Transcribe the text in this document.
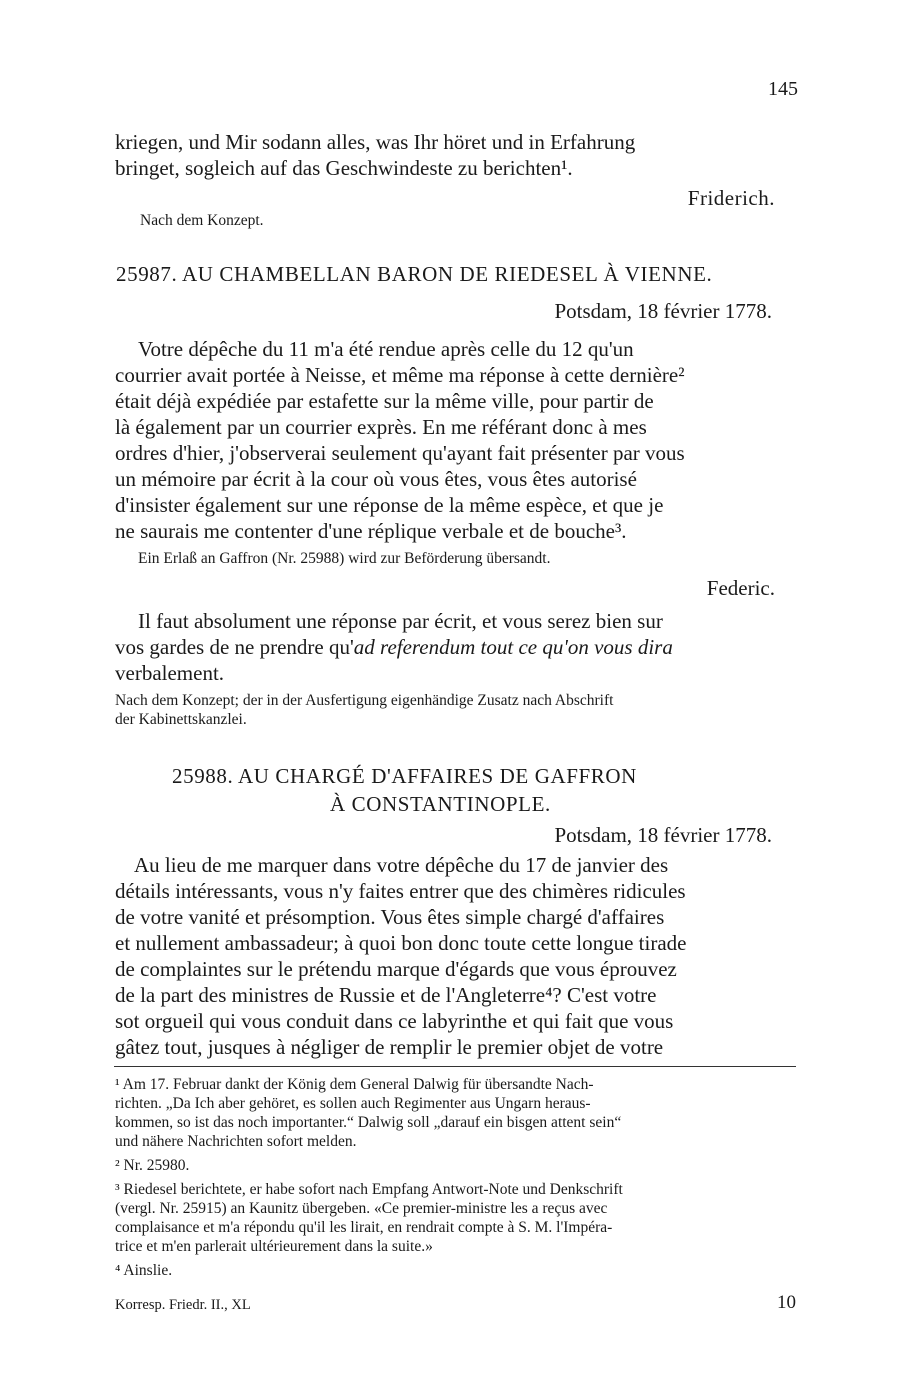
145
kriegen, und Mir sodann alles, was Ihr höret und in Erfahrung
bringet, sogleich auf das Geschwindeste zu berichten¹.
Friderich.
Nach dem Konzept.
25987. AU CHAMBELLAN BARON DE RIEDESEL À VIENNE.
Potsdam, 18 février 1778.
Votre dépêche du 11 m'a été rendue après celle du 12 qu'un
courrier avait portée à Neisse, et même ma réponse à cette dernière²
était déjà expédiée par estafette sur la même ville, pour partir de
là également par un courrier exprès. En me référant donc à mes
ordres d'hier, j'observerai seulement qu'ayant fait présenter par vous
un mémoire par écrit à la cour où vous êtes, vous êtes autorisé
d'insister également sur une réponse de la même espèce, et que je
ne saurais me contenter d'une réplique verbale et de bouche³.
Ein Erlaß an Gaffron (Nr. 25988) wird zur Beförderung übersandt.
Federic.
Il faut absolument une réponse par écrit, et vous serez bien sur
vos gardes de ne prendre qu'ad referendum tout ce qu'on vous dira
verbalement.
Nach dem Konzept; der in der Ausfertigung eigenhändige Zusatz nach Abschrift
der Kabinettskanzlei.
25988. AU CHARGÉ D'AFFAIRES DE GAFFRON
À CONSTANTINOPLE.
Potsdam, 18 février 1778.
Au lieu de me marquer dans votre dépêche du 17 de janvier des
détails intéressants, vous n'y faites entrer que des chimères ridicules
de votre vanité et présomption. Vous êtes simple chargé d'affaires
et nullement ambassadeur; à quoi bon donc toute cette longue tirade
de complaintes sur le prétendu marque d'égards que vous éprouvez
de la part des ministres de Russie et de l'Angleterre⁴? C'est votre
sot orgueil qui vous conduit dans ce labyrinthe et qui fait que vous
gâtez tout, jusques à négliger de remplir le premier objet de votre
¹ Am 17. Februar dankt der König dem General Dalwig für übersandte Nach-
richten. „Da Ich aber gehöret, es sollen auch Regimenter aus Ungarn heraus-
kommen, so ist das noch importanter.“ Dalwig soll „darauf ein bisgen attent sein“
und nähere Nachrichten sofort melden.
² Nr. 25980.
³ Riedesel berichtete, er habe sofort nach Empfang Antwort-Note und Denkschrift
(vergl. Nr. 25915) an Kaunitz übergeben. «Ce premier-ministre les a reçus avec
complaisance et m'a répondu qu'il les lirait, en rendrait compte à S. M. l'Impéra-
trice et m'en parlerait ultérieurement dans la suite.»
⁴ Ainslie.
Korresp. Friedr. II., XL	10
